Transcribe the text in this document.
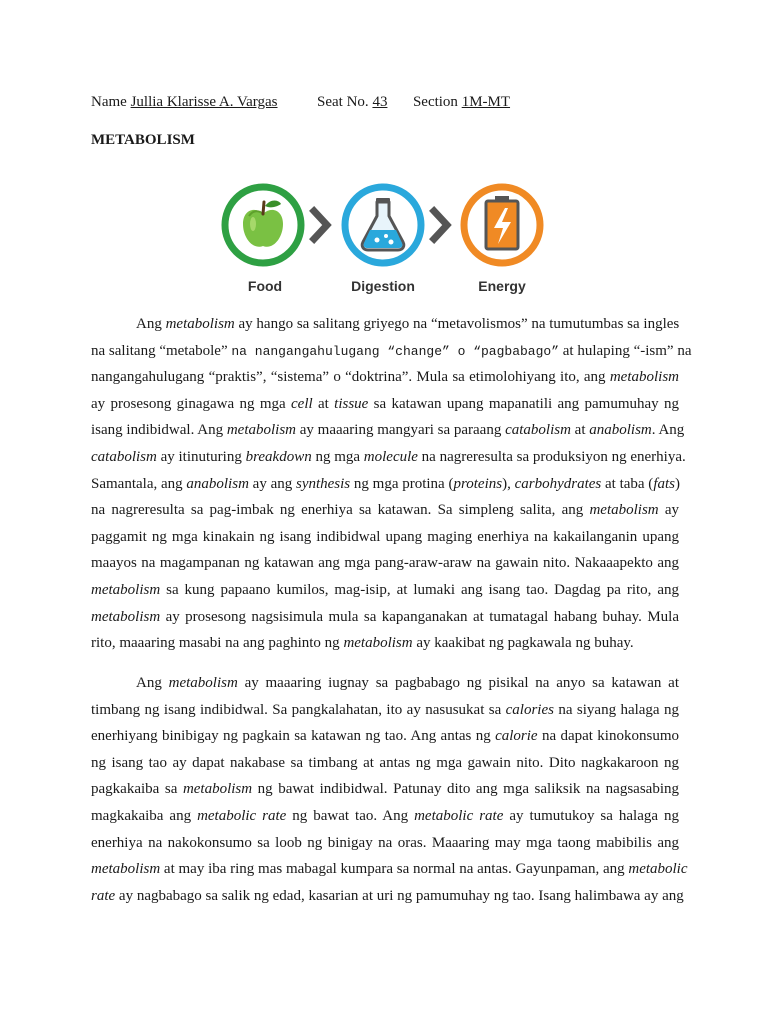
Name Jullia Klarisse A. Vargas	Seat No. 43 Section 1M-MT
METABOLISM
Food	Digestion	Energy
Ang metabolism ay hango sa salitang griyego na “metavolismos” na tumutumbas sa ingles
na salitang “metabole” na nangangahulugang “change” o “pagbabago” at hulaping “-ism” na
nangangahulugang “praktis”, “sistema” o “doktrina”. Mula sa etimolohiyang ito, ang metabolism
ay prosesong ginagawa ng mga cell at tissue sa katawan upang mapanatili ang pamumuhay ng
isang indibidwal. Ang metabolism ay maaaring mangyari sa paraang catabolism at anabolism. Ang
catabolism ay itinuturing breakdown ng mga molecule na nagreresulta sa produksiyon ng enerhiya.
Samantala, ang anabolism ay ang synthesis ng mga protina (proteins), carbohydrates at taba (fats)
na nagreresulta sa pag-imbak ng enerhiya sa katawan. Sa simpleng salita, ang metabolism ay
paggamit ng mga kinakain ng isang indibidwal upang maging enerhiya na kakailanganin upang
maayos na magampanan ng katawan ang mga pang-araw-araw na gawain nito. Nakaaapekto ang
metabolism sa kung papaano kumilos, mag-isip, at lumaki ang isang tao. Dagdag pa rito, ang
metabolism ay prosesong nagsisimula mula sa kapanganakan at tumatagal habang buhay. Mula
rito, maaaring masabi na ang paghinto ng metabolism ay kaakibat ng pagkawala ng buhay.
Ang metabolism ay maaaring iugnay sa pagbabago ng pisikal na anyo sa katawan at
timbang ng isang indibidwal. Sa pangkalahatan, ito ay nasusukat sa calories na siyang halaga ng
enerhiyang binibigay ng pagkain sa katawan ng tao. Ang antas ng calorie na dapat kinokonsumo
ng isang tao ay dapat nakabase sa timbang at antas ng mga gawain nito. Dito nagkakaroon ng
pagkakaiba sa metabolism ng bawat indibidwal. Patunay dito ang mga saliksik na nagsasabing
magkakaiba ang metabolic rate ng bawat tao. Ang metabolic rate ay tumutukoy sa halaga ng
enerhiya na nakokonsumo sa loob ng binigay na oras. Maaaring may mga taong mabibilis ang
metabolism at may iba ring mas mabagal kumpara sa normal na antas. Gayunpaman, ang metabolic
rate ay nagbabago sa salik ng edad, kasarian at uri ng pamumuhay ng tao. Isang halimbawa ay ang
